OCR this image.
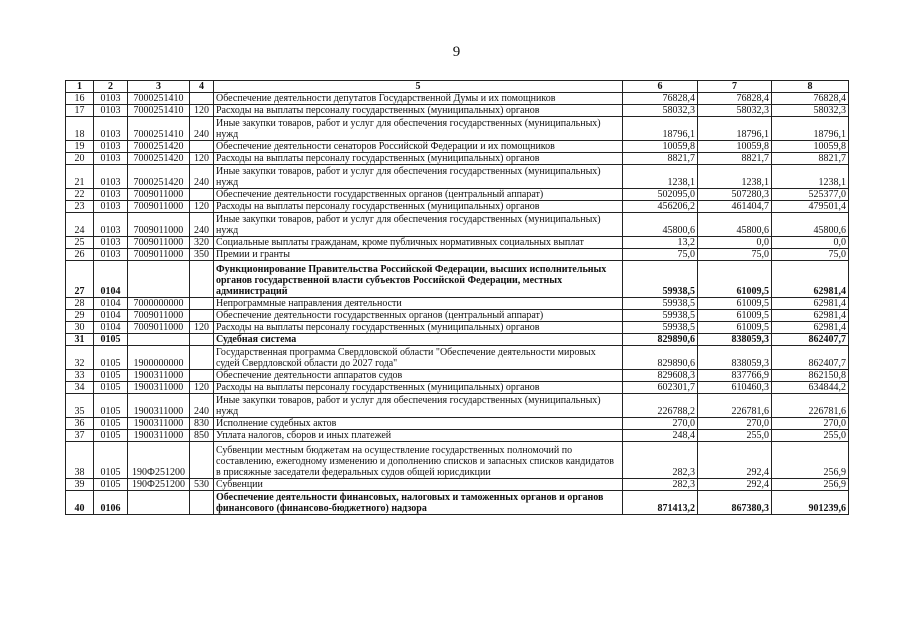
9
1	2	3	4	5	6	7	8
16	0103	7000251410		Обеспечение деятельности депутатов Государственной Думы и их помощников	76828,4	76828,4	76828,4
17	0103	7000251410	120	Расходы на выплаты персоналу государственных (муниципальных) органов	58032,3	58032,3	58032,3
18	0103	7000251410	240	Иные закупки товаров, работ и услуг для обеспечения государственных (муниципальных) нужд	18796,1	18796,1	18796,1
19	0103	7000251420		Обеспечение деятельности сенаторов Российской Федерации и их помощников	10059,8	10059,8	10059,8
20	0103	7000251420	120	Расходы на выплаты персоналу государственных (муниципальных) органов	8821,7	8821,7	8821,7
21	0103	7000251420	240	Иные закупки товаров, работ и услуг для обеспечения государственных (муниципальных) нужд	1238,1	1238,1	1238,1
22	0103	7009011000		Обеспечение деятельности государственных органов (центральный аппарат)	502095,0	507280,3	525377,0
23	0103	7009011000	120	Расходы на выплаты персоналу государственных (муниципальных) органов	456206,2	461404,7	479501,4
24	0103	7009011000	240	Иные закупки товаров, работ и услуг для обеспечения государственных (муниципальных) нужд	45800,6	45800,6	45800,6
25	0103	7009011000	320	Социальные выплаты гражданам, кроме публичных нормативных социальных выплат	13,2	0,0	0,0
26	0103	7009011000	350	Премии и гранты	75,0	75,0	75,0
27	0104			Функционирование Правительства Российской Федерации, высших исполнительных органов государственной власти субъектов Российской Федерации, местных администраций	59938,5	61009,5	62981,4
28	0104	7000000000		Непрограммные направления деятельности	59938,5	61009,5	62981,4
29	0104	7009011000		Обеспечение деятельности государственных органов (центральный аппарат)	59938,5	61009,5	62981,4
30	0104	7009011000	120	Расходы на выплаты персоналу государственных (муниципальных) органов	59938,5	61009,5	62981,4
31	0105			Судебная система	829890,6	838059,3	862407,7
32	0105	1900000000		Государственная программа Свердловской области "Обеспечение деятельности мировых судей Свердловской области до 2027 года"	829890,6	838059,3	862407,7
33	0105	1900311000		Обеспечение деятельности аппаратов судов	829608,3	837766,9	862150,8
34	0105	1900311000	120	Расходы на выплаты персоналу государственных (муниципальных) органов	602301,7	610460,3	634844,2
35	0105	1900311000	240	Иные закупки товаров, работ и услуг для обеспечения государственных (муниципальных) нужд	226788,2	226781,6	226781,6
36	0105	1900311000	830	Исполнение судебных актов	270,0	270,0	270,0
37	0105	1900311000	850	Уплата налогов, сборов и иных платежей	248,4	255,0	255,0
38	0105	190Ф251200		Субвенции местным бюджетам на осуществление государственных полномочий по составлению, ежегодному изменению и дополнению списков и запасных списков кандидатов в присяжные заседатели федеральных судов общей юрисдикции	282,3	292,4	256,9
39	0105	190Ф251200	530	Субвенции	282,3	292,4	256,9
40	0106			Обеспечение деятельности финансовых, налоговых и таможенных органов и органов финансового (финансово-бюджетного) надзора	871413,2	867380,3	901239,6
